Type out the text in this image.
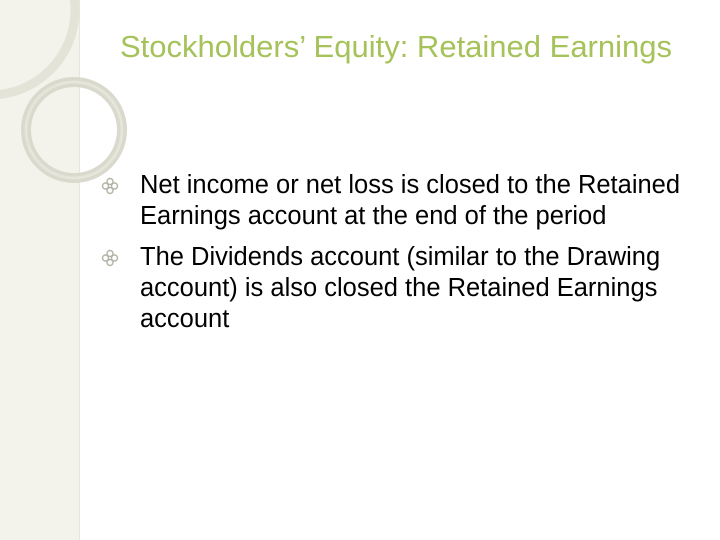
Stockholders’ Equity: Retained Earnings
Net income or net loss is closed to the Retained Earnings account at the end of the period
The Dividends account (similar to the Drawing account) is also closed the Retained Earnings account
